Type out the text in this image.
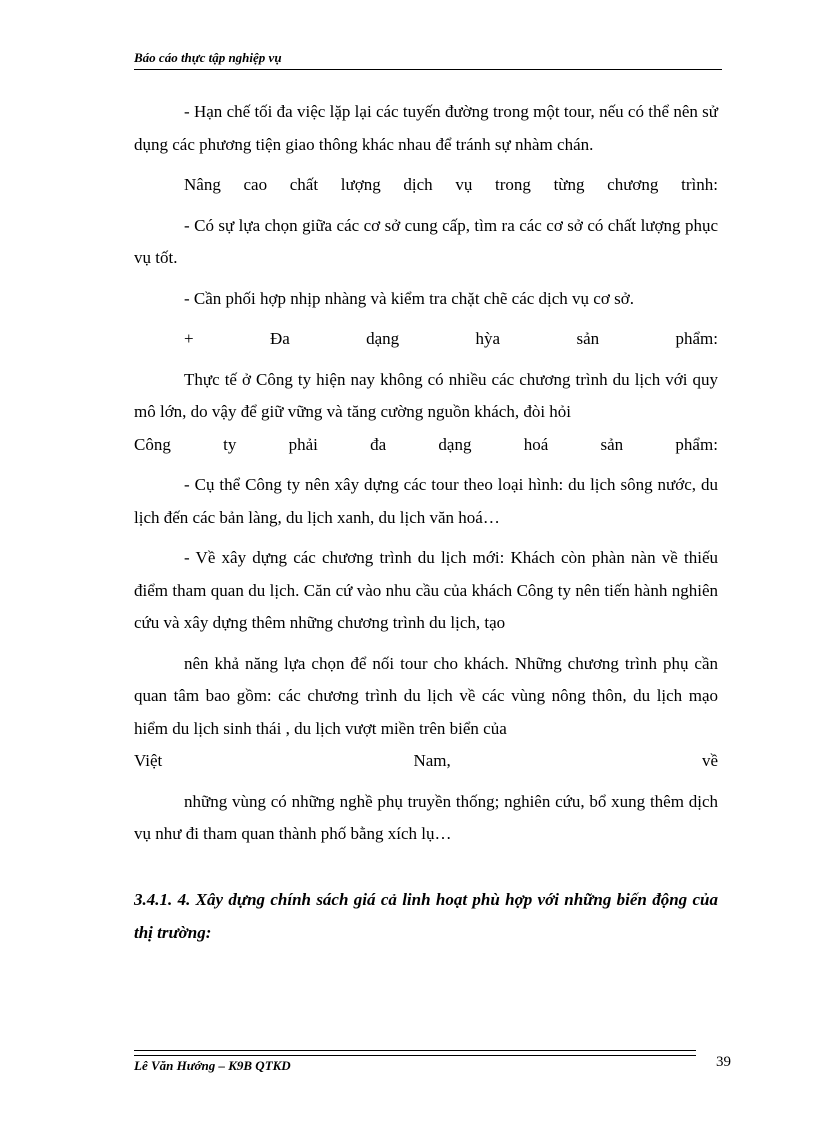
Báo cáo thực tập nghiệp vụ

- Hạn chế tối đa việc lặp lại các tuyến đường trong một tour, nếu có thể nên sử dụng các phương tiện giao thông khác nhau để tránh sự nhàm chán.

Nâng cao chất lượng dịch vụ trong từng chương trình:

- Có sự lựa chọn giữa các cơ sở cung cấp, tìm ra các cơ sở có chất lượng phục vụ tốt.

- Cần phối hợp nhịp nhàng và kiểm tra chặt chẽ các dịch vụ cơ sở.

+	Đa	dạng	hỳa	sản	phẩm:

Thực tế ở Công ty hiện nay không có nhiều các chương trình du lịch với quy mô lớn, do vậy để giữ vững và tăng cường nguồn khách, đòi hỏi

Công	ty	phải	đa	dạng	hoá	sản	phẩm:

- Cụ thể Công ty nên xây dựng các tour theo loại hình: du lịch sông nước, du lịch đến các bản làng, du lịch xanh, du lịch văn hoá…

- Về xây dựng các chương trình du lịch mới: Khách còn phàn nàn về thiếu điểm tham quan du lịch. Căn cứ vào nhu cầu của khách Công ty nên tiến hành nghiên cứu và xây dựng thêm những chương trình du lịch, tạo

nên khả năng lựa chọn để nối tour cho khách. Những chương trình phụ cần quan tâm bao gồm: các chương trình du lịch về các vùng nông thôn, du lịch mạo hiểm du lịch sinh thái , du lịch vượt miền trên biển của

Việt	Nam,	về

những vùng có những nghề phụ truyền thống; nghiên cứu, bổ xung thêm dịch vụ như đi tham quan thành phố bằng xích lụ…

3.4.1. 4. Xây dựng chính sách giá cả linh hoạt phù hợp với những biến động của thị trường:

Lê Văn Hướng – K9B QTKD	39
